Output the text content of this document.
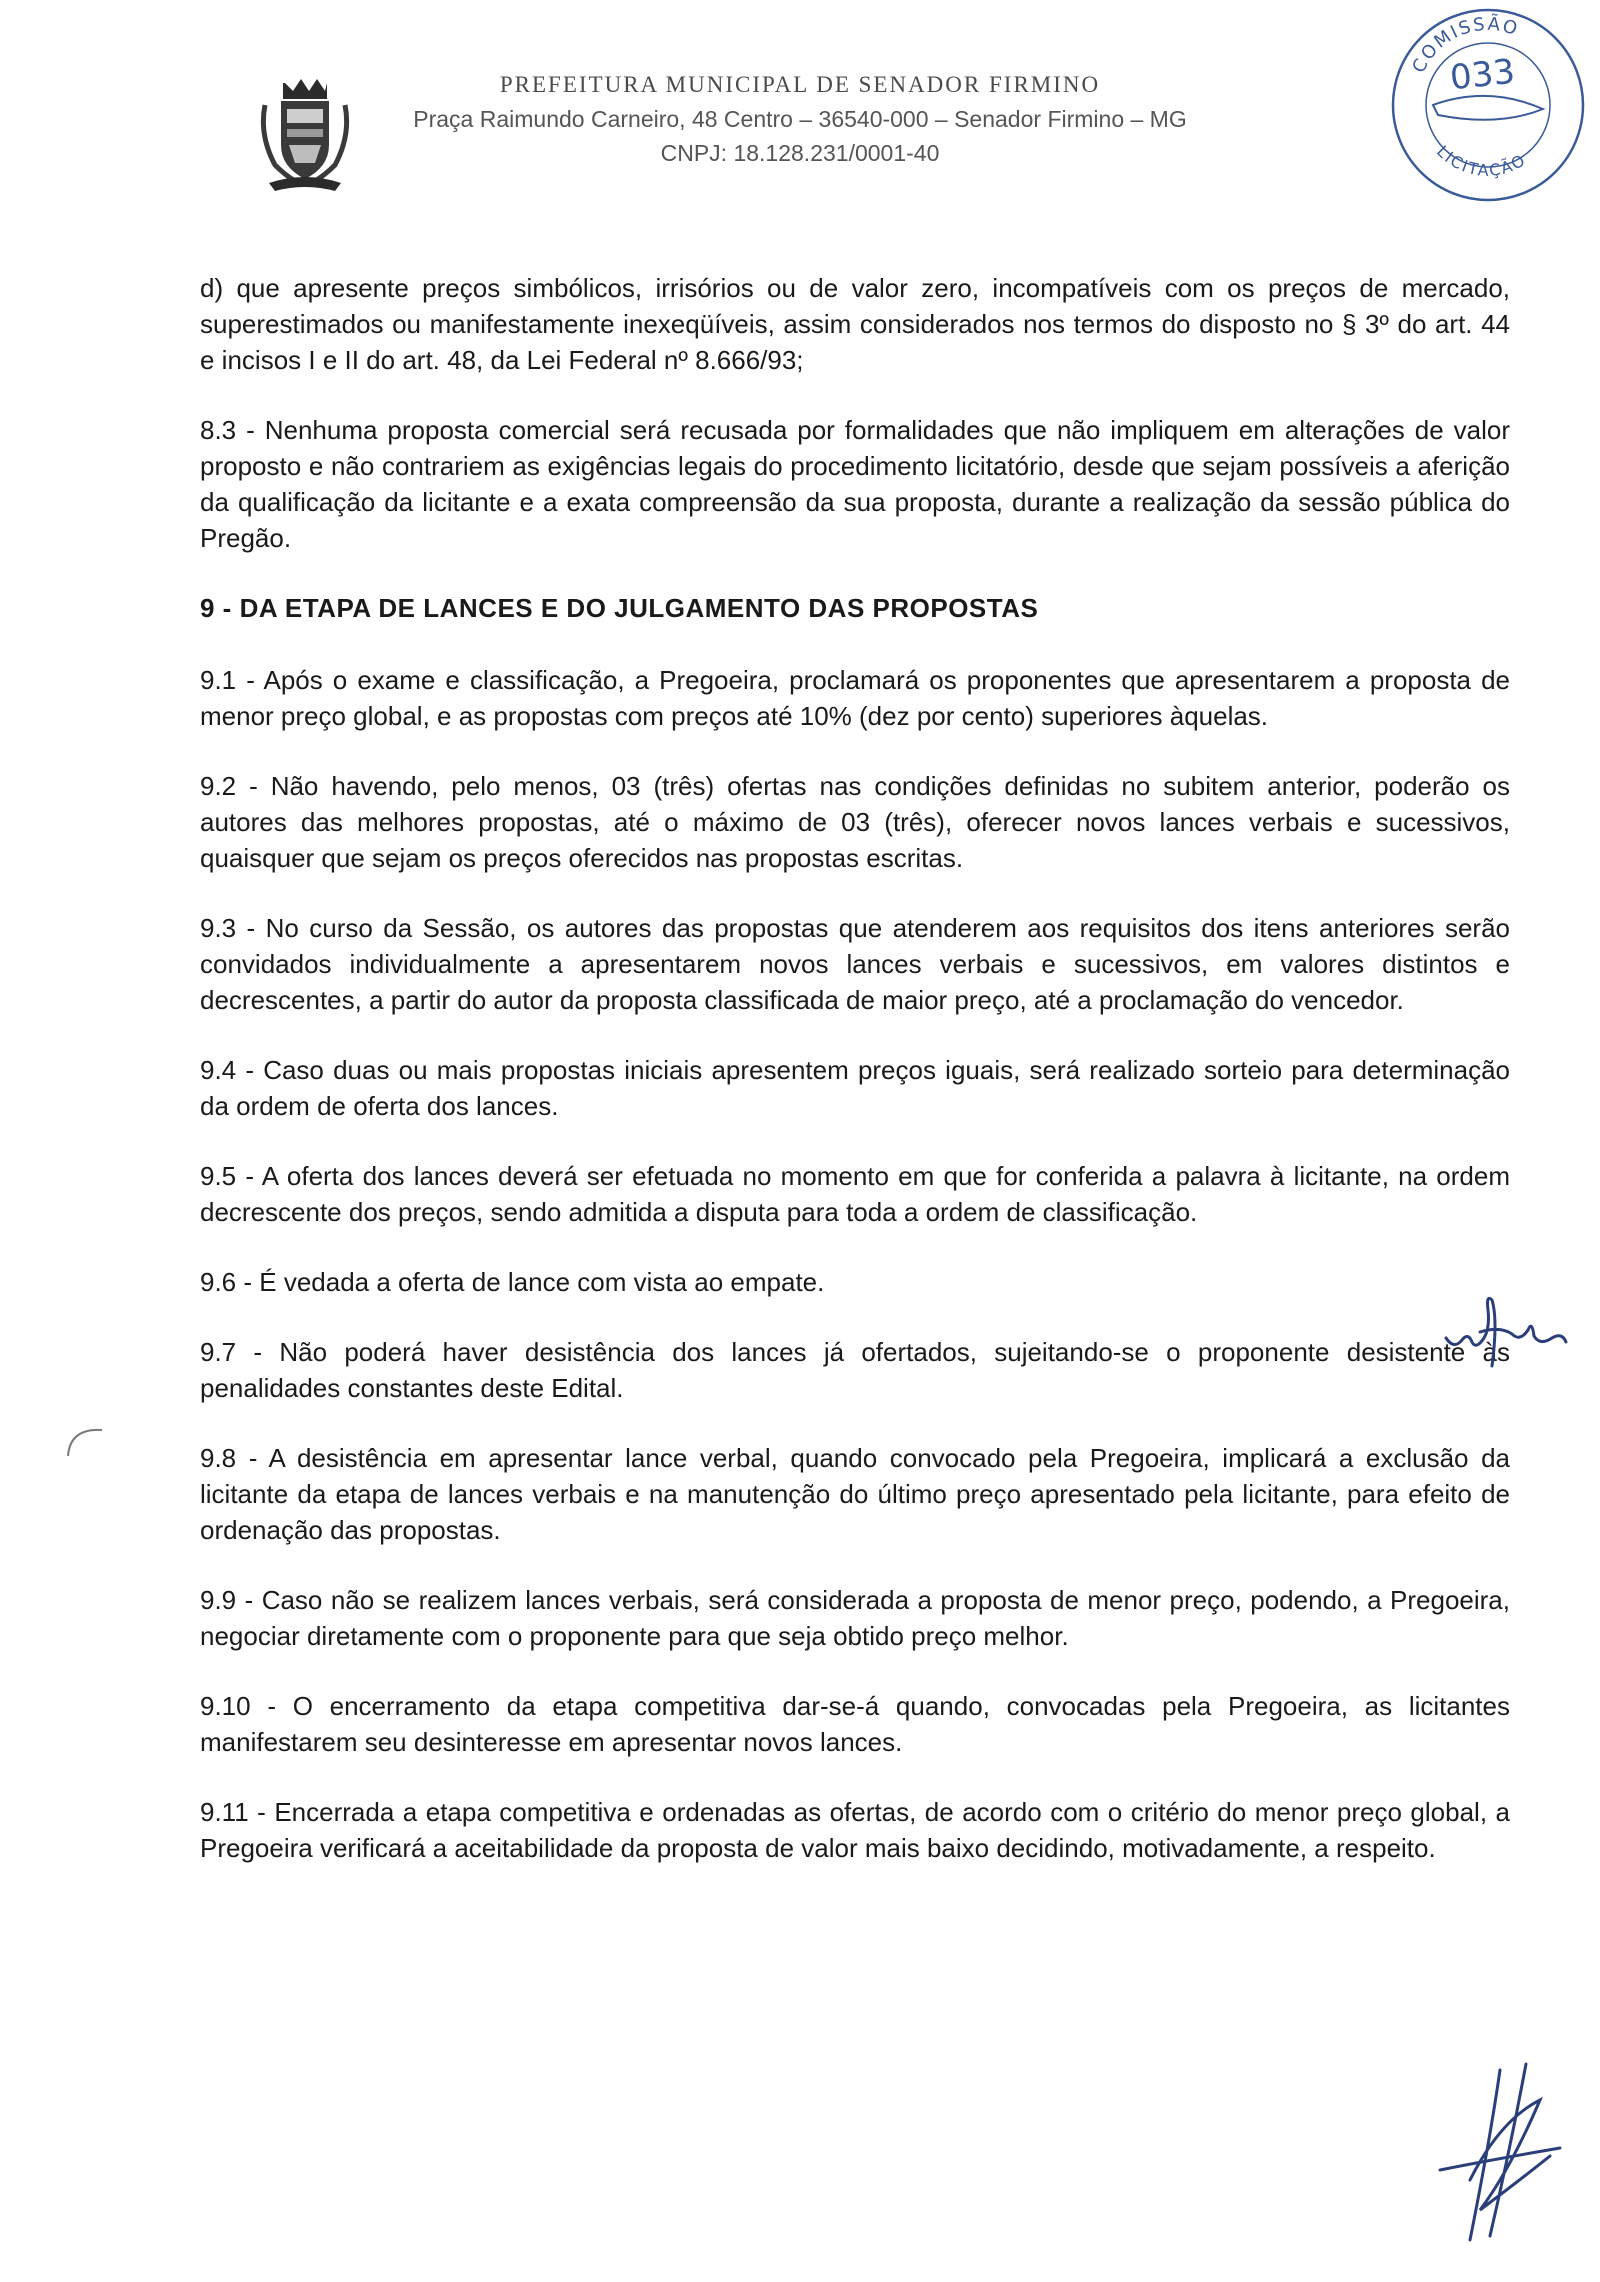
PREFEITURA MUNICIPAL DE SENADOR FIRMINO
Praça Raimundo Carneiro, 48 Centro – 36540-000 – Senador Firmino – MG
CNPJ: 18.128.231/0001-40
COMISSÃO
LICITAÇÃO
033

d) que apresente preços simbólicos, irrisórios ou de valor zero, incompatíveis com os preços de mercado, superestimados ou manifestamente inexeqüíveis, assim considerados nos termos do disposto no § 3º do art. 44 e incisos I e II do art. 48, da Lei Federal nº 8.666/93;

8.3 - Nenhuma proposta comercial será recusada por formalidades que não impliquem em alterações de valor proposto e não contrariem as exigências legais do procedimento licitatório, desde que sejam possíveis a aferição da qualificação da licitante e a exata compreensão da sua proposta, durante a realização da sessão pública do Pregão.

9 - DA ETAPA DE LANCES E DO JULGAMENTO DAS PROPOSTAS

9.1 - Após o exame e classificação, a Pregoeira, proclamará os proponentes que apresentarem a proposta de menor preço global, e as propostas com preços até 10% (dez por cento) superiores àquelas.

9.2 - Não havendo, pelo menos, 03 (três) ofertas nas condições definidas no subitem anterior, poderão os autores das melhores propostas, até o máximo de 03 (três), oferecer novos lances verbais e sucessivos, quaisquer que sejam os preços oferecidos nas propostas escritas.

9.3 - No curso da Sessão, os autores das propostas que atenderem aos requisitos dos itens anteriores serão convidados individualmente a apresentarem novos lances verbais e sucessivos, em valores distintos e decrescentes, a partir do autor da proposta classificada de maior preço, até a proclamação do vencedor.

9.4 - Caso duas ou mais propostas iniciais apresentem preços iguais, será realizado sorteio para determinação da ordem de oferta dos lances.

9.5 - A oferta dos lances deverá ser efetuada no momento em que for conferida a palavra à licitante, na ordem decrescente dos preços, sendo admitida a disputa para toda a ordem de classificação.

9.6 - É vedada a oferta de lance com vista ao empate.

9.7 - Não poderá haver desistência dos lances já ofertados, sujeitando-se o proponente desistente às penalidades constantes deste Edital.

9.8 - A desistência em apresentar lance verbal, quando convocado pela Pregoeira, implicará a exclusão da licitante da etapa de lances verbais e na manutenção do último preço apresentado pela licitante, para efeito de ordenação das propostas.

9.9 - Caso não se realizem lances verbais, será considerada a proposta de menor preço, podendo, a Pregoeira, negociar diretamente com o proponente para que seja obtido preço melhor.

9.10 - O encerramento da etapa competitiva dar-se-á quando, convocadas pela Pregoeira, as licitantes manifestarem seu desinteresse em apresentar novos lances.

9.11 - Encerrada a etapa competitiva e ordenadas as ofertas, de acordo com o critério do menor preço global, a Pregoeira verificará a aceitabilidade da proposta de valor mais baixo decidindo, motivadamente, a respeito.
